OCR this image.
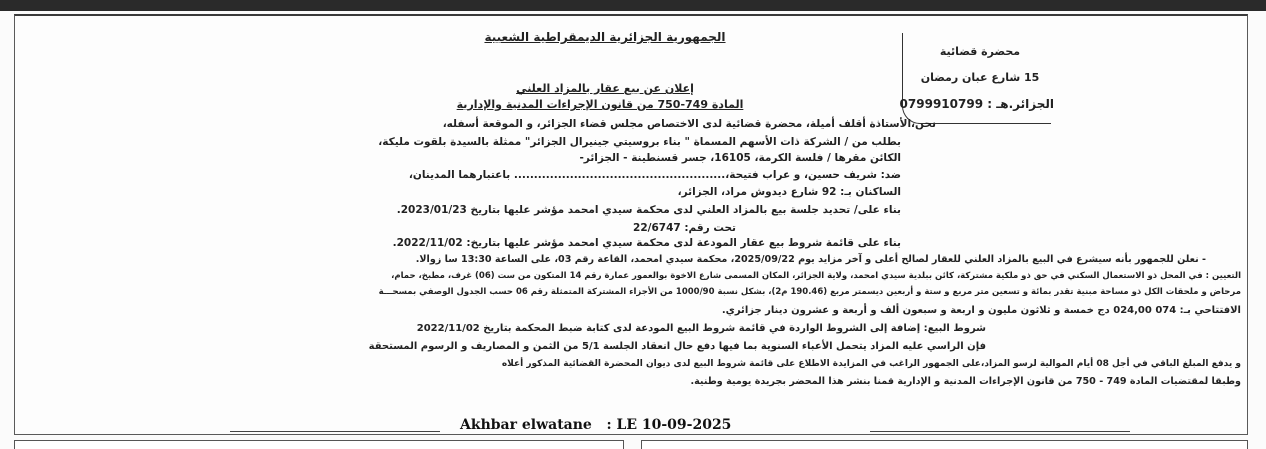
الجمهورية الجزائرية الديمقراطية الشعبية
محضرة قضائية
15 شارع عبان رمضان
الجزائر.هـ : 0799910799
إعلان عن بيع عقار بالمزاد العلني
المادة 749-750 من قانون الإجراءات المدنية والإدارية
نحن،الأستاذة أقلف أميلة، محضرة قضائية لدى الاختصاص مجلس قضاء الجزائر، و الموقعة أسفله،
بطلب من / الشركة ذات الأسهم المسماة " بناء بروسيتي جينيرال الجزائر" ممثلة بالسيدة بلقوت مليكة،
الكائن مقرها / فلسة الكرمة، 16105، جسر قسنطينة - الجزائر-
ضد: شريف حسين، و عراب فتيحة،..................................................... باعتبارهما المدينان،
الساكنان بـ: 92 شارع ديدوش مراد، الجزائر،
بناء على/ تحديد جلسة بيع بالمزاد العلني لدى محكمة سيدي امحمد مؤشر عليها بتاريخ 2023/01/23.
تحت رقم: 22/6747
بناء على قائمة شروط بيع عقار المودعة لدى محكمة سيدي امحمد مؤشر عليها بتاريخ: 2022/11/02.
- نعلن للجمهور بأنه سيشرع في البيع بالمزاد العلني للعقار لصالح أعلى و آخر مزايد يوم 2025/09/22، محكمة سيدي امحمد، القاعة رقم 03، على الساعة 13:30 سا زوالا.
التعيين : في المحل ذو الاستعمال السكني في حق ذو ملكية مشتركة، كائن ببلدية سيدي امحمد، ولاية الجزائر، المكان المسمى شارع الاخوة بوالعمور عمارة رقم 14 المتكون من ست (06) غرف، مطبخ، حمام،
مرحاض و ملحقات الكل ذو مساحة مبنية تقدر بمائة و تسعين متر مربع و ستة و أربعين ديسمتر مربع (190.46 م2)، بشكل نسبة 1000/90 من الأجزاء المشتركة المتمثلة رقم 06 حسب الجدول الوصفي بمسحـــة
الافتتاحي بـ: 074 024,00 دج خمسة و ثلاثون مليون و اربعة و سبعون ألف و أربعة و عشرون دينار جزائري.
شروط البيع: إضافة إلى الشروط الواردة في قائمة شروط البيع المودعة لدى كتابة ضبط المحكمة بتاريخ 2022/11/02
فإن الراسي عليه المزاد يتحمل الأعباء السنوية بما فيها دفع حال انعقاد الجلسة 5/1 من الثمن و المصاريف و الرسوم المستحقة
و يدفع المبلغ الباقي في أجل 08 أيام الموالية لرسو المزاد،على الجمهور الراغب في المزايدة الاطلاع على قائمة شروط البيع لدى ديوان المحضرة القضائية المذكور أعلاه
وطبقا لمقتضيات المادة 749 - 750 من قانون الإجراءات المدنية و الإدارية قمنا بنشر هذا المحضر بجريدة يومية وطنية.
Akhbar elwatane   : LE 10-09-2025
